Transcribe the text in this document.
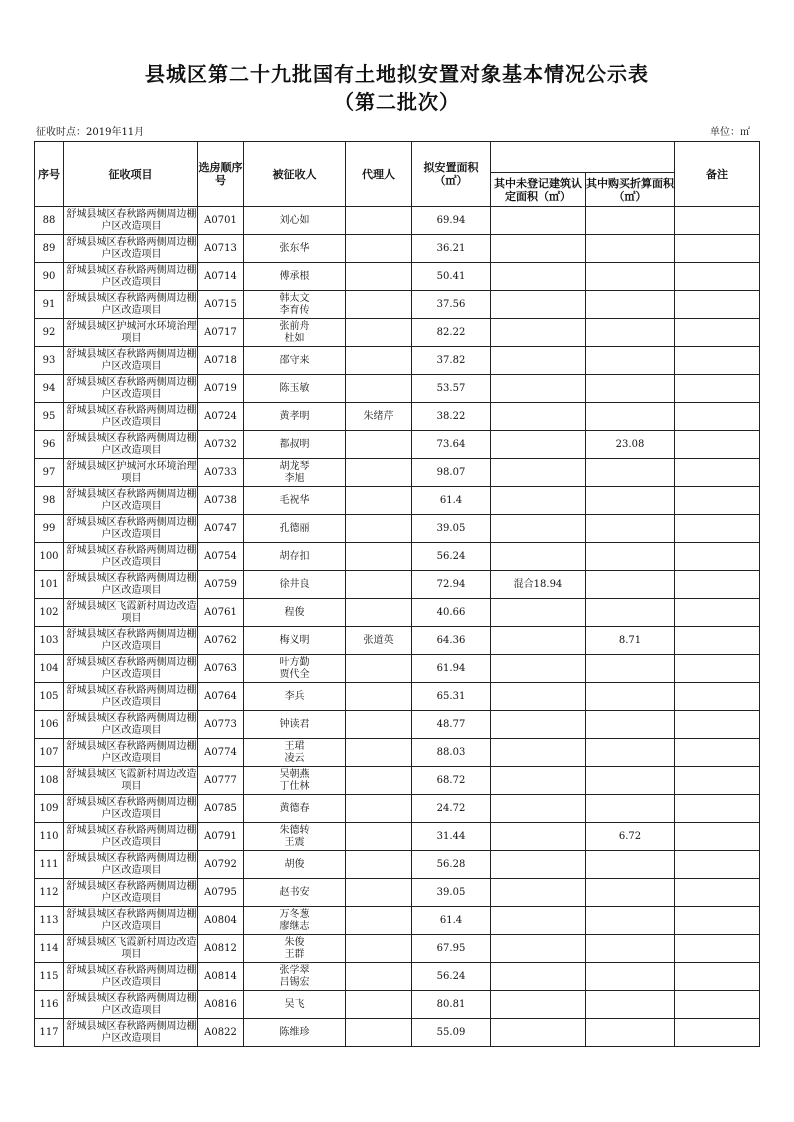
县城区第二十九批国有土地拟安置对象基本情况公示表
（第二批次）
征收时点：2019年11月	单位：㎡
序号	征收项目	选房顺序号	被征收人	代理人	拟安置面积（㎡）			备注
						其中未登记建筑认定面积（㎡）	其中购买折算面积（㎡）	
88	舒城县城区春秋路两侧周边棚户区改造项目	A0701	刘心如		69.94			
89	舒城县城区春秋路两侧周边棚户区改造项目	A0713	张东华		36.21			
90	舒城县城区春秋路两侧周边棚户区改造项目	A0714	傅承根		50.41			
91	舒城县城区春秋路两侧周边棚户区改造项目	A0715	韩太文
李育传		37.56			
92	舒城县城区护城河水环境治理项目	A0717	张前舟
杜如		82.22			
93	舒城县城区春秋路两侧周边棚户区改造项目	A0718	邵守来		37.82			
94	舒城县城区春秋路两侧周边棚户区改造项目	A0719	陈玉敏		53.57			
95	舒城县城区春秋路两侧周边棚户区改造项目	A0724	黄孝明	朱绪芹	38.22			
96	舒城县城区春秋路两侧周边棚户区改造项目	A0732	都叔明		73.64		23.08	
97	舒城县城区护城河水环境治理项目	A0733	胡龙琴
李旭		98.07			
98	舒城县城区春秋路两侧周边棚户区改造项目	A0738	毛祝华		61.4			
99	舒城县城区春秋路两侧周边棚户区改造项目	A0747	孔德丽		39.05			
100	舒城县城区春秋路两侧周边棚户区改造项目	A0754	胡存扣		56.24			
101	舒城县城区春秋路两侧周边棚户区改造项目	A0759	徐井良		72.94	混合18.94		
102	舒城县城区飞霞新村周边改造项目	A0761	程俊		40.66			
103	舒城县城区春秋路两侧周边棚户区改造项目	A0762	梅义明	张道英	64.36		8.71	
104	舒城县城区春秋路两侧周边棚户区改造项目	A0763	叶方勤
贾代全		61.94			
105	舒城县城区春秋路两侧周边棚户区改造项目	A0764	李兵		65.31			
106	舒城县城区春秋路两侧周边棚户区改造项目	A0773	钟读君		48.77			
107	舒城县城区春秋路两侧周边棚户区改造项目	A0774	王珺
凌云		88.03			
108	舒城县城区飞霞新村周边改造项目	A0777	吴朝燕
丁仕林		68.72			
109	舒城县城区春秋路两侧周边棚户区改造项目	A0785	黄德春		24.72			
110	舒城县城区春秋路两侧周边棚户区改造项目	A0791	朱德转
王震		31.44		6.72	
111	舒城县城区春秋路两侧周边棚户区改造项目	A0792	胡俊		56.28			
112	舒城县城区春秋路两侧周边棚户区改造项目	A0795	赵书安		39.05			
113	舒城县城区春秋路两侧周边棚户区改造项目	A0804	万冬葱
廖继志		61.4			
114	舒城县城区飞霞新村周边改造项目	A0812	朱俊
王群		67.95			
115	舒城县城区春秋路两侧周边棚户区改造项目	A0814	张学翠
吕锡宏		56.24			
116	舒城县城区春秋路两侧周边棚户区改造项目	A0816	吴飞		80.81			
117	舒城县城区春秋路两侧周边棚户区改造项目	A0822	陈维珍		55.09			
